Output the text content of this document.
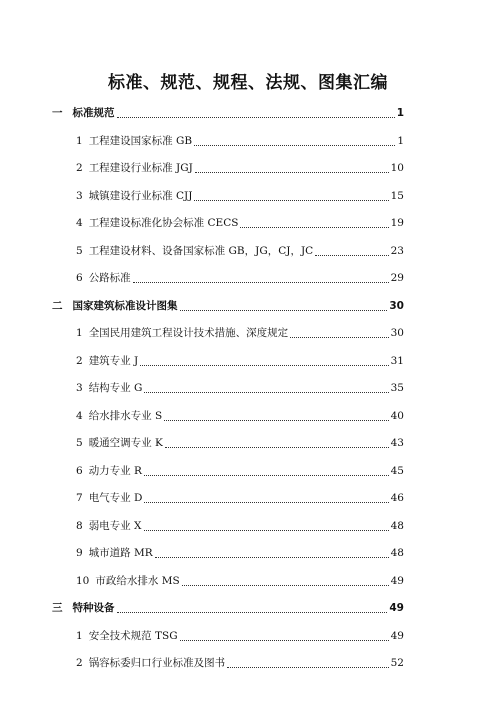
标准、规范、规程、法规、图集汇编
一 标准规范	1
1 工程建设国家标准 GB	1
2 工程建设行业标准 JGJ	10
3 城镇建设行业标准 CJJ	15
4 工程建设标准化协会标准 CECS	19
5 工程建设材料、设备国家标准 GB，JG，CJ，JC	23
6 公路标准	29
二 国家建筑标准设计图集	30
1 全国民用建筑工程设计技术措施、深度规定	30
2 建筑专业 J	31
3 结构专业 G	35
4 给水排水专业 S	40
5 暖通空调专业 K	43
6 动力专业 R	45
7 电气专业 D	46
8 弱电专业 X	48
9 城市道路 MR	48
10 市政给水排水 MS	49
三 特种设备	49
1 安全技术规范 TSG	49
2 锅容标委归口行业标准及图书	52
